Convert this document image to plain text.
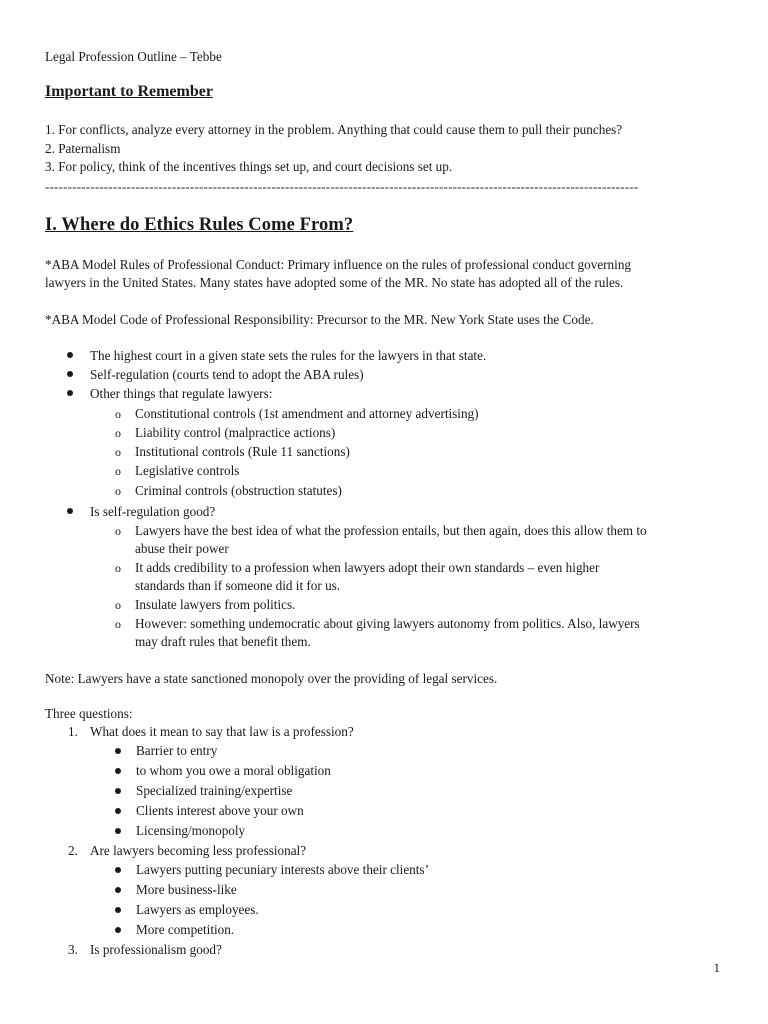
Legal Profession Outline – Tebbe
Important to Remember
1. For conflicts, analyze every attorney in the problem. Anything that could cause them to pull their punches?
2. Paternalism
3. For policy, think of the incentives things set up, and court decisions set up.
-----------------------------------------------------------------------------------------------------------------------------------
I. Where do Ethics Rules Come From?
*ABA Model Rules of Professional Conduct: Primary influence on the rules of professional conduct governing
lawyers in the United States. Many states have adopted some of the MR. No state has adopted all of the rules.
*ABA Model Code of Professional Responsibility: Precursor to the MR. New York State uses the Code.
The highest court in a given state sets the rules for the lawyers in that state.
Self-regulation (courts tend to adopt the ABA rules)
Other things that regulate lawyers:
o Constitutional controls (1st amendment and attorney advertising)
o Liability control (malpractice actions)
o Institutional controls (Rule 11 sanctions)
o Legislative controls
o Criminal controls (obstruction statutes)
Is self-regulation good?
o Lawyers have the best idea of what the profession entails, but then again, does this allow them to
abuse their power
o It adds credibility to a profession when lawyers adopt their own standards – even higher
standards than if someone did it for us.
o Insulate lawyers from politics.
o However: something undemocratic about giving lawyers autonomy from politics. Also, lawyers
may draft rules that benefit them.
Note: Lawyers have a state sanctioned monopoly over the providing of legal services.
Three questions:
1. What does it mean to say that law is a profession?
Barrier to entry
to whom you owe a moral obligation
Specialized training/expertise
Clients interest above your own
Licensing/monopoly
2. Are lawyers becoming less professional?
Lawyers putting pecuniary interests above their clients’
More business-like
Lawyers as employees.
More competition.
3. Is professionalism good?
1
